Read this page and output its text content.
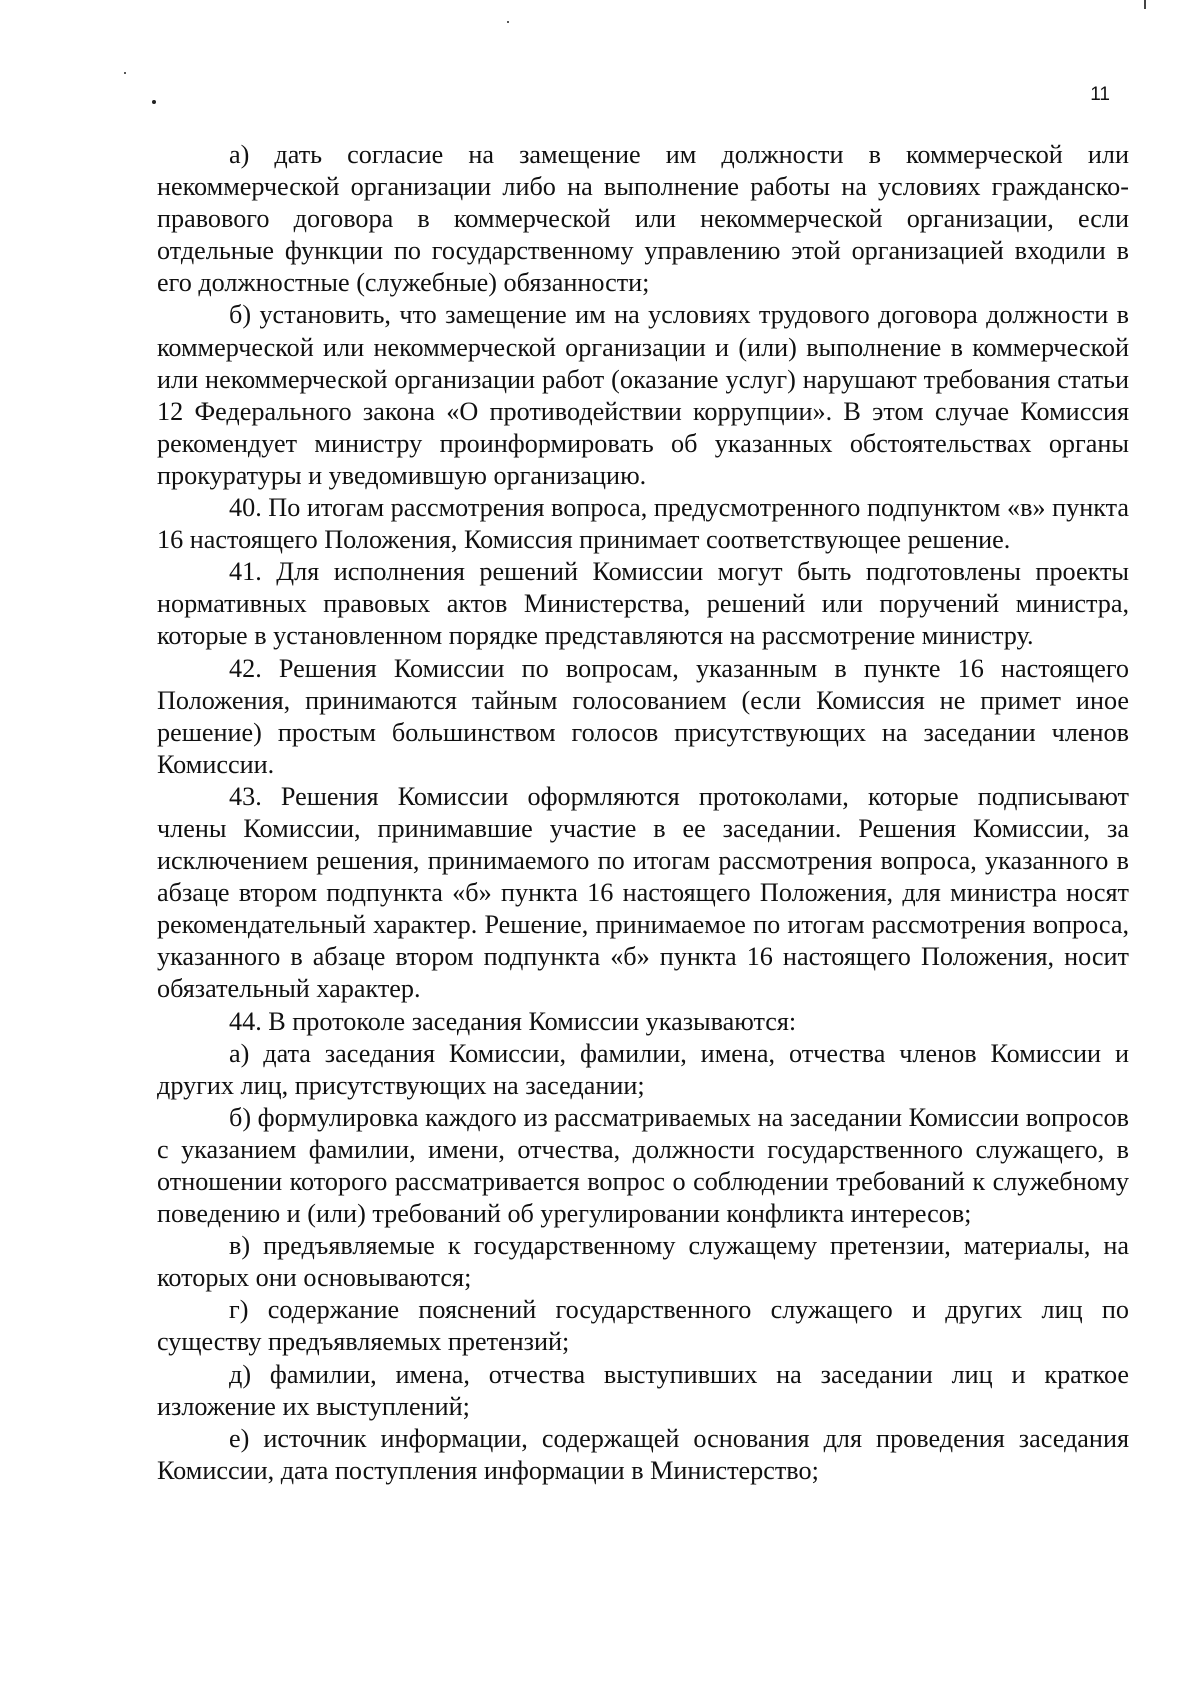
11

а) дать согласие на замещение им должности в коммерческой или некоммерческой организации либо на выполнение работы на условиях гражданско-правового договора в коммерческой или некоммерческой организации, если отдельные функции по государственному управлению этой организацией входили в его должностные (служебные) обязанности;

б) установить, что замещение им на условиях трудового договора должности в коммерческой или некоммерческой организации и (или) выполнение в коммерческой или некоммерческой организации работ (оказание услуг) нарушают требования статьи 12 Федерального закона «О противодействии коррупции». В этом случае Комиссия рекомендует министру проинформировать об указанных обстоятельствах органы прокуратуры и уведомившую организацию.

40. По итогам рассмотрения вопроса, предусмотренного подпунктом «в» пункта 16 настоящего Положения, Комиссия принимает соответствующее решение.

41. Для исполнения решений Комиссии могут быть подготовлены проекты нормативных правовых актов Министерства, решений или поручений министра, которые в установленном порядке представляются на рассмотрение министру.

42. Решения Комиссии по вопросам, указанным в пункте 16 настоящего Положения, принимаются тайным голосованием (если Комиссия не примет иное решение) простым большинством голосов присутствующих на заседании членов Комиссии.

43. Решения Комиссии оформляются протоколами, которые подписывают члены Комиссии, принимавшие участие в ее заседании. Решения Комиссии, за исключением решения, принимаемого по итогам рассмотрения вопроса, указанного в абзаце втором подпункта «б» пункта 16 настоящего Положения, для министра носят рекомендательный характер. Решение, принимаемое по итогам рассмотрения вопроса, указанного в абзаце втором подпункта «б» пункта 16 настоящего Положения, носит обязательный характер.

44. В протоколе заседания Комиссии указываются:

а) дата заседания Комиссии, фамилии, имена, отчества членов Комиссии и других лиц, присутствующих на заседании;

б) формулировка каждого из рассматриваемых на заседании Комиссии вопросов с указанием фамилии, имени, отчества, должности государственного служащего, в отношении которого рассматривается вопрос о соблюдении требований к служебному поведению и (или) требований об урегулировании конфликта интересов;

в) предъявляемые к государственному служащему претензии, материалы, на которых они основываются;

г) содержание пояснений государственного служащего и других лиц по существу предъявляемых претензий;

д) фамилии, имена, отчества выступивших на заседании лиц и краткое изложение их выступлений;

е) источник информации, содержащей основания для проведения заседания Комиссии, дата поступления информации в Министерство;
